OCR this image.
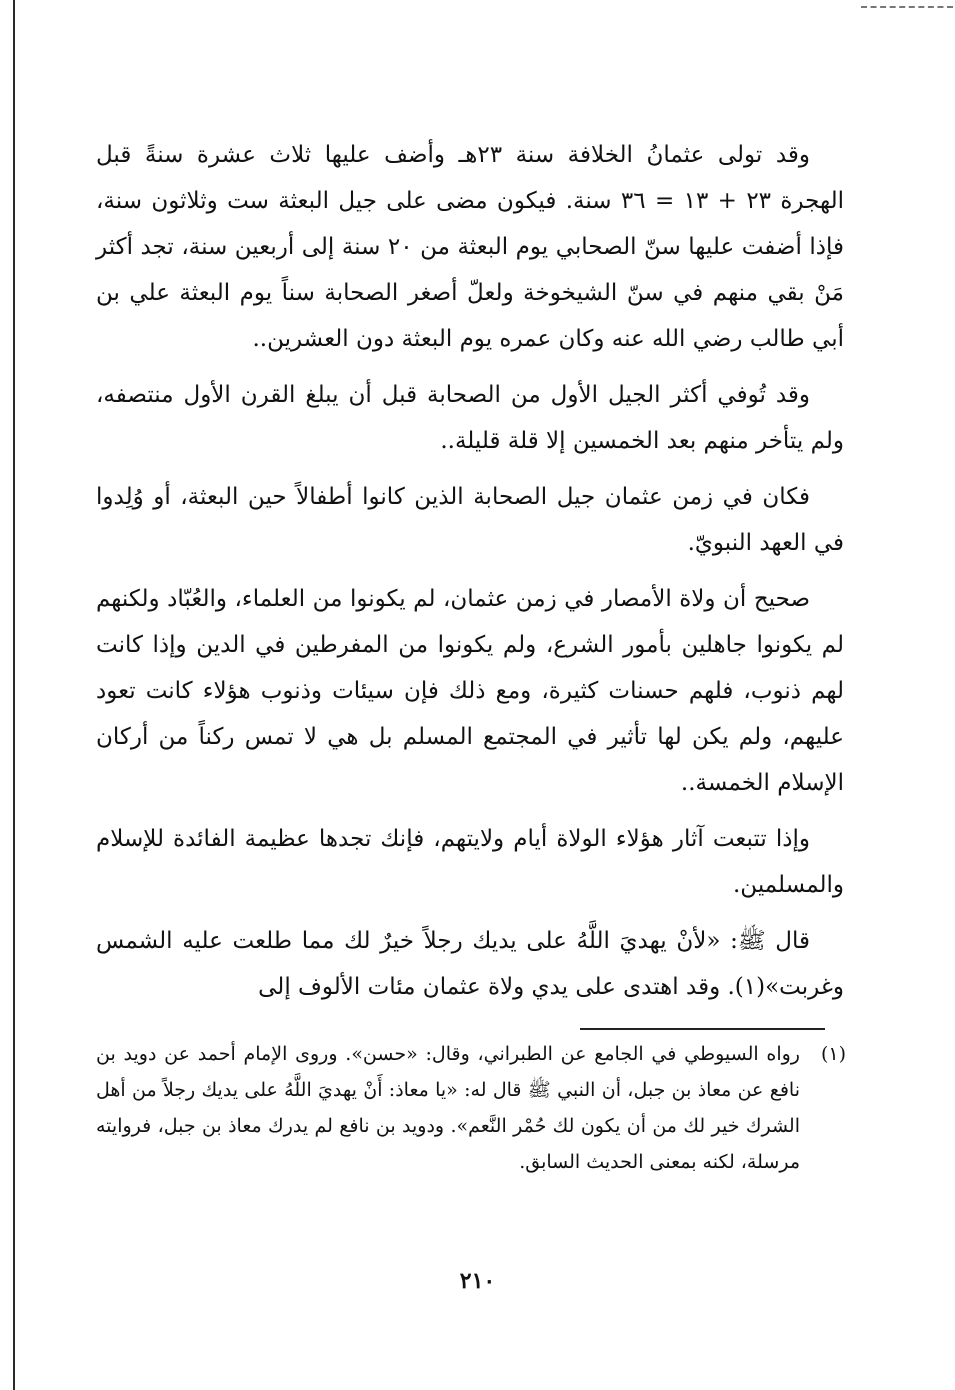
وقد تولى عثمانُ الخلافة سنة ٢٣هـ وأضف عليها ثلاث عشرة سنةً قبل الهجرة ٢٣ + ١٣ = ٣٦ سنة. فيكون مضى على جيل البعثة ست وثلاثون سنة، فإذا أضفت عليها سنّ الصحابي يوم البعثة من ٢٠ سنة إلى أربعين سنة، تجد أكثر مَنْ بقي منهم في سنّ الشيخوخة ولعلّ أصغر الصحابة سناً يوم البعثة علي بن أبي طالب رضي الله عنه وكان عمره يوم البعثة دون العشرين..

وقد تُوفي أكثر الجيل الأول من الصحابة قبل أن يبلغ القرن الأول منتصفه، ولم يتأخر منهم بعد الخمسين إلا قلة قليلة..

فكان في زمن عثمان جيل الصحابة الذين كانوا أطفالاً حين البعثة، أو وُلِدوا في العهد النبويّ.

صحيح أن ولاة الأمصار في زمن عثمان، لم يكونوا من العلماء، والعُبّاد ولكنهم لم يكونوا جاهلين بأمور الشرع، ولم يكونوا من المفرطين في الدين وإذا كانت لهم ذنوب، فلهم حسنات كثيرة، ومع ذلك فإن سيئات وذنوب هؤلاء كانت تعود عليهم، ولم يكن لها تأثير في المجتمع المسلم بل هي لا تمس ركناً من أركان الإسلام الخمسة..

وإذا تتبعت آثار هؤلاء الولاة أيام ولايتهم، فإنك تجدها عظيمة الفائدة للإسلام والمسلمين.

قال ﷺ: «لأنْ يهديَ اللَّهُ على يديك رجلاً خيرٌ لك مما طلعت عليه الشمس وغربت»(١). وقد اهتدى على يدي ولاة عثمان مئات الألوف إلى

(١)
رواه السيوطي في الجامع عن الطبراني، وقال: «حسن». وروى الإمام أحمد عن دويد بن نافع عن معاذ بن جبل، أن النبي ﷺ قال له: «يا معاذ: أَنْ يهديَ اللَّهُ على يديك رجلاً من أهل الشرك خير لك من أن يكون لك حُمْر النَّعم». ودويد بن نافع لم يدرك معاذ بن جبل، فروايته مرسلة، لكنه بمعنى الحديث السابق.
٢١٠
